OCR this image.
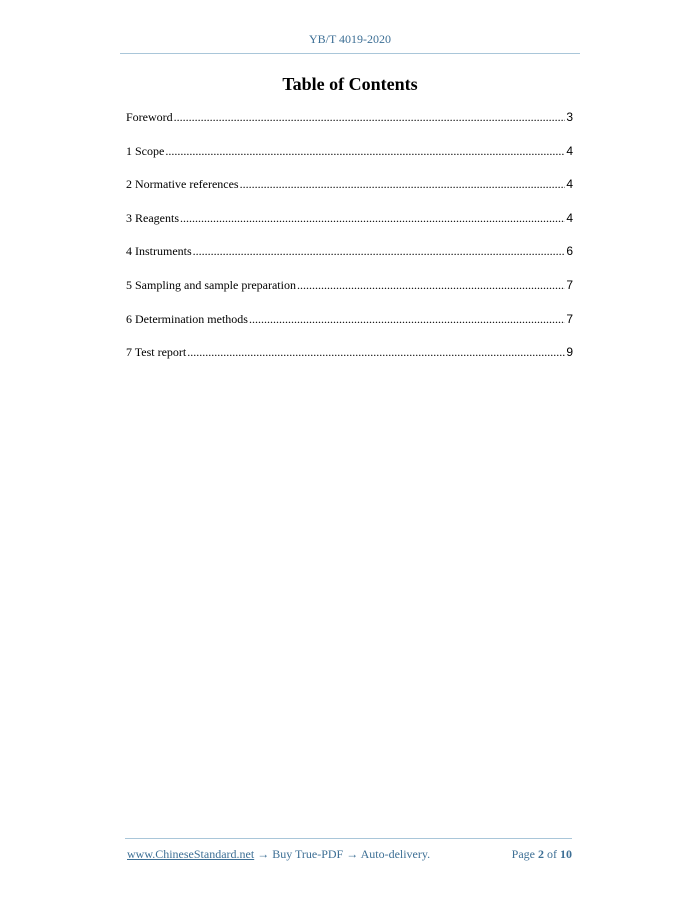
YB/T 4019-2020
Table of Contents
Foreword .....	3
1 Scope .....	4
2 Normative references .....	4
3 Reagents .....	4
4 Instruments .....	6
5 Sampling and sample preparation .....	7
6 Determination methods .....	7
7 Test report .....	9
www.ChineseStandard.net → Buy True-PDF → Auto-delivery.	Page 2 of 10
